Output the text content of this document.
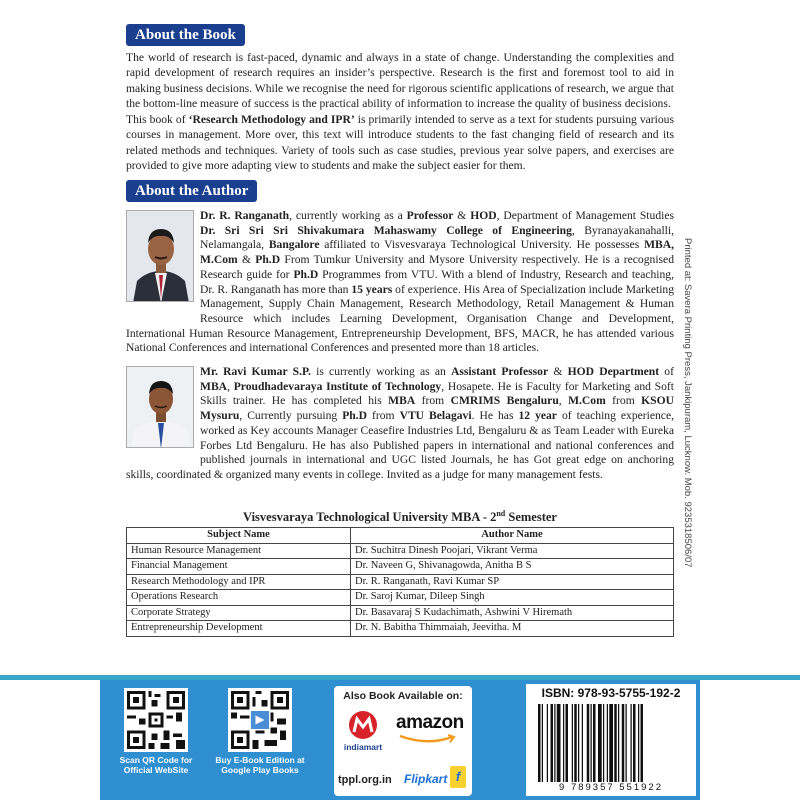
About the Book

The world of research is fast-paced, dynamic and always in a state of change. Understanding the complexities and rapid development of research requires an insider’s perspective. Research is the first and foremost tool to aid in making business decisions. While we recognise the need for rigorous scientific applications of research, we argue that the bottom-line measure of success is the practical ability of information to increase the quality of business decisions.

This book of ‘Research Methodology and IPR’ is primarily intended to serve as a text for students pursuing various courses in management. More over, this text will introduce students to the fast changing field of research and its related methods and techniques. Variety of tools such as case studies, previous year solve papers, and exercises are provided to give more adapting view to students and make the subject easier for them.

About the Author
Dr. R. Ranganath, currently working as a Professor & HOD, Department of Management Studies Dr. Sri Sri Sri Shivakumara Mahaswamy College of Engineering, Byranayakanahalli, Nelamangala, Bangalore affiliated to Visvesvaraya Technological University. He possesses MBA, M.Com & Ph.D From Tumkur University and Mysore University respectively. He is a recognised Research guide for Ph.D Programmes from VTU. With a blend of Industry, Research and teaching, Dr. R. Ranganath has more than 15 years of experience. His Area of Specialization include Marketing Management, Supply Chain Management, Research Methodology, Retail Management & Human Resource which includes Learning Development, Organisation Change and Development, International Human Resource Management, Entrepreneurship Development, BFS, MACR, he has attended various National Conferences and international Conferences and presented more than 18 articles.
Mr. Ravi Kumar S.P. is currently working as an Assistant Professor & HOD Department of MBA, Proudhadevaraya Institute of Technology, Hosapete. He is Faculty for Marketing and Soft Skills trainer. He has completed his MBA from CMRIMS Bengaluru, M.Com from KSOU Mysuru, Currently pursuing Ph.D from VTU Belagavi. He has 12 year of teaching experience, worked as Key accounts Manager Ceasefire Industries Ltd, Bengaluru & as Team Leader with Eureka Forbes Ltd Bengaluru. He has also Published papers in international and national conferences and published journals in international and UGC listed Journals, he has Got great edge on anchoring skills, coordinated & organized many events in college. Invited as a judge for many management fests.
Visvesvaraya Technological University MBA - 2nd Semester
Subject Name	Author Name
Human Resource Management	Dr. Suchitra Dinesh Poojari, Vikrant Verma
Financial Management	Dr. Naveen G, Shivanagowda, Anitha B S
Research Methodology and IPR	Dr. R. Ranganath, Ravi Kumar SP
Operations Research	Dr. Saroj Kumar, Dileep Singh
Corporate Strategy	Dr. Basavaraj S Kudachimath, Ashwini V Hiremath
Entrepreneurship Development	Dr. N. Babitha Thimmaiah, Jeevitha. M
Printed at: Savera Printing Press, Jankipuram, Lucknow. Mob. 9235318506/07
Scan QR Code for
Official WebSite
Buy E-Book Edition at
Google Play Books
Also Book Available on:
indiamart
amazon
tppl.org.in Flipkart f
ISBN: 978-93-5755-192-2
9 789357 551922
